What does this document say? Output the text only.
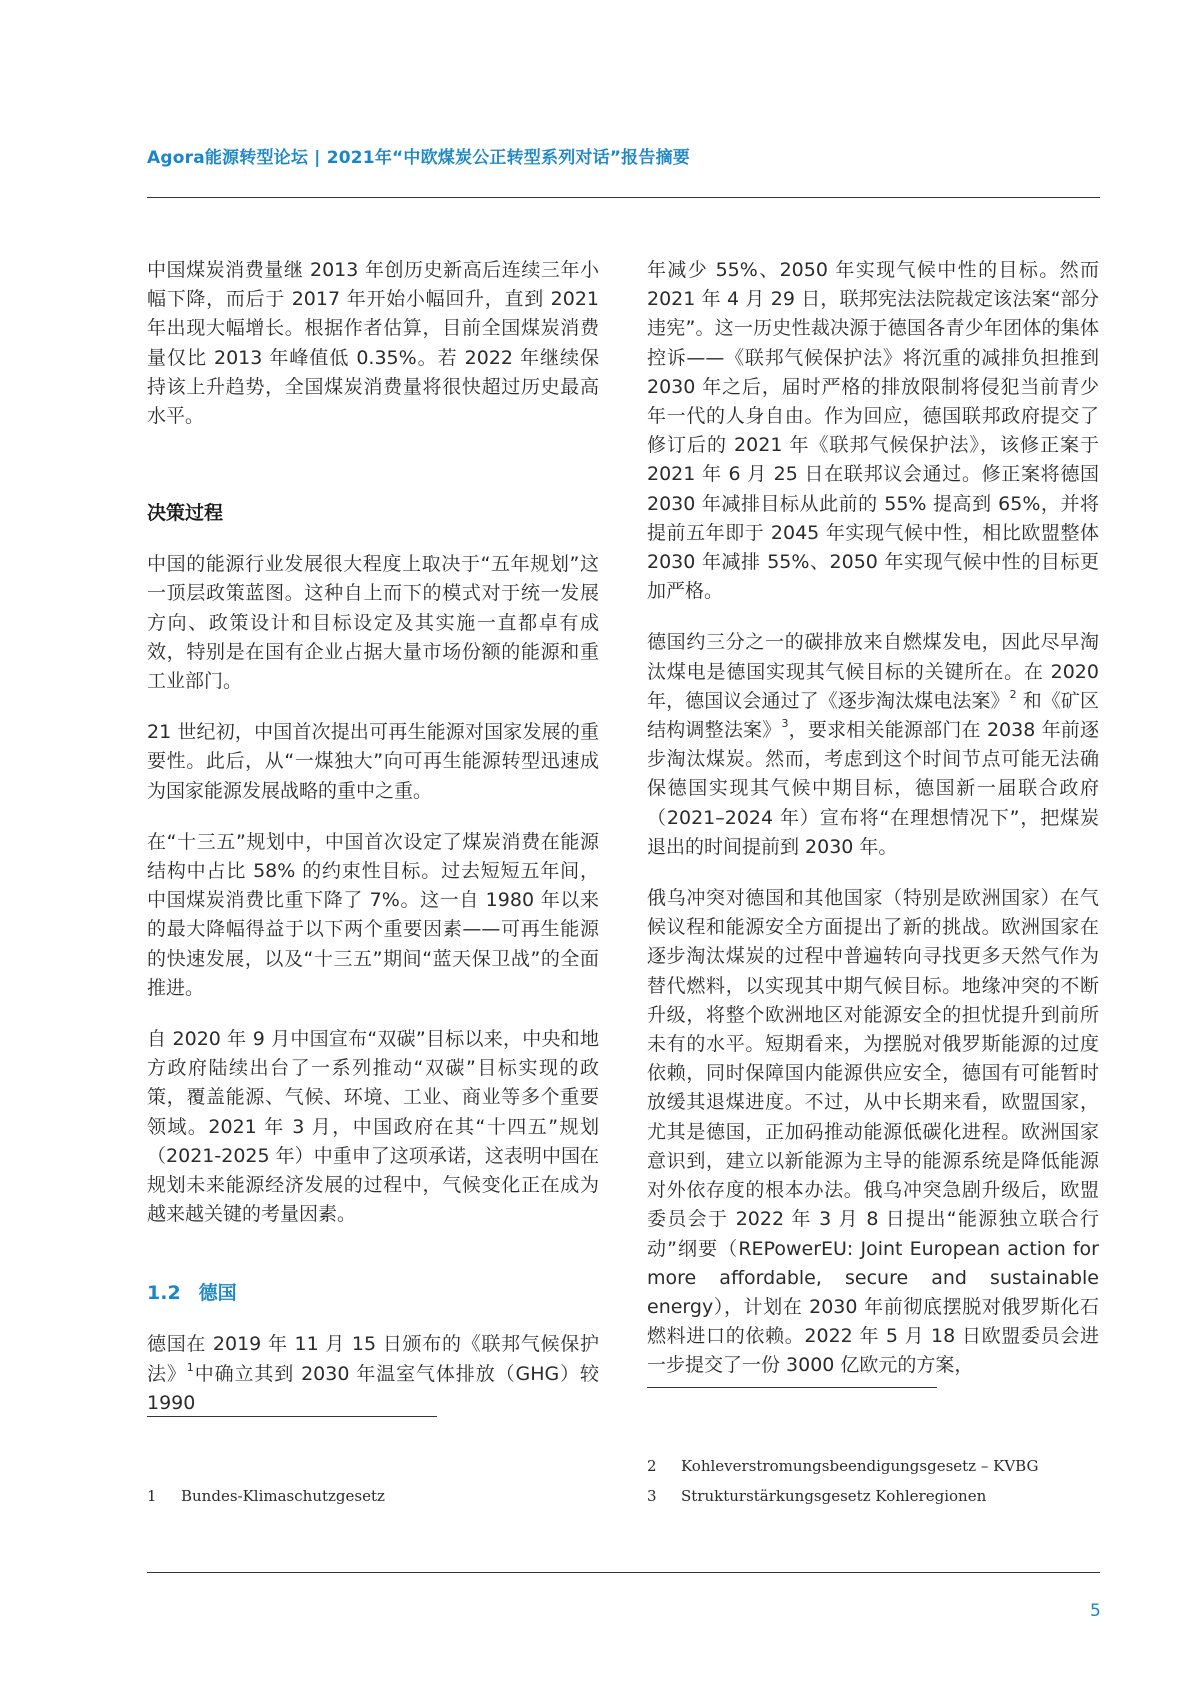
Agora能源转型论坛 | 2021年“中欧煤炭公正转型系列对话”报告摘要

中国煤炭消费量继 2013 年创历史新高后连续三年小幅下降，而后于 2017 年开始小幅回升，直到 2021 年出现大幅增长。根据作者估算，目前全国煤炭消费量仅比 2013 年峰值低 0.35%。若 2022 年继续保持该上升趋势，全国煤炭消费量将很快超过历史最高水平。

决策过程

中国的能源行业发展很大程度上取决于“五年规划”这一顶层政策蓝图。这种自上而下的模式对于统一发展方向、政策设计和目标设定及其实施一直都卓有成效，特别是在国有企业占据大量市场份额的能源和重工业部门。

21 世纪初，中国首次提出可再生能源对国家发展的重要性。此后，从“一煤独大”向可再生能源转型迅速成为国家能源发展战略的重中之重。

在“十三五”规划中，中国首次设定了煤炭消费在能源结构中占比 58% 的约束性目标。过去短短五年间，中国煤炭消费比重下降了 7%。这一自 1980 年以来的最大降幅得益于以下两个重要因素——可再生能源的快速发展，以及“十三五”期间“蓝天保卫战”的全面推进。

自 2020 年 9 月中国宣布“双碳”目标以来，中央和地方政府陆续出台了一系列推动“双碳”目标实现的政策，覆盖能源、气候、环境、工业、商业等多个重要领域。2021 年 3 月，中国政府在其“十四五”规划（2021-2025 年）中重申了这项承诺，这表明中国在规划未来能源经济发展的过程中，气候变化正在成为越来越关键的考量因素。

1.2 德国

德国在 2019 年 11 月 15 日颁布的《联邦气候保护法》$^1$中确立其到 2030 年温室气体排放（GHG）较 1990

年减少 55%、2050 年实现气候中性的目标。然而 2021 年 4 月 29 日，联邦宪法法院裁定该法案“部分违宪”。这一历史性裁决源于德国各青少年团体的集体控诉——《联邦气候保护法》将沉重的减排负担推到 2030 年之后，届时严格的排放限制将侵犯当前青少年一代的人身自由。作为回应，德国联邦政府提交了修订后的 2021 年《联邦气候保护法》，该修正案于 2021 年 6 月 25 日在联邦议会通过。修正案将德国 2030 年减排目标从此前的 55% 提高到 65%，并将提前五年即于 2045 年实现气候中性，相比欧盟整体 2030 年减排 55%、2050 年实现气候中性的目标更加严格。

德国约三分之一的碳排放来自燃煤发电，因此尽早淘汰煤电是德国实现其气候目标的关键所在。在 2020 年，德国议会通过了《逐步淘汰煤电法案》$^2$ 和《矿区结构调整法案》$^3$，要求相关能源部门在 2038 年前逐步淘汰煤炭。然而，考虑到这个时间节点可能无法确保德国实现其气候中期目标，德国新一届联合政府（2021–2024 年）宣布将“在理想情况下”，把煤炭退出的时间提前到 2030 年。

俄乌冲突对德国和其他国家（特别是欧洲国家）在气候议程和能源安全方面提出了新的挑战。欧洲国家在逐步淘汰煤炭的过程中普遍转向寻找更多天然气作为替代燃料，以实现其中期气候目标。地缘冲突的不断升级，将整个欧洲地区对能源安全的担忧提升到前所未有的水平。短期看来，为摆脱对俄罗斯能源的过度依赖，同时保障国内能源供应安全，德国有可能暂时放缓其退煤进度。不过，从中长期来看，欧盟国家，尤其是德国，正加码推动能源低碳化进程。欧洲国家意识到，建立以新能源为主导的能源系统是降低能源对外依存度的根本办法。俄乌冲突急剧升级后，欧盟委员会于 2022 年 3 月 8 日提出“能源独立联合行动”纲要（REPowerEU: Joint European action for more affordable, secure and sustainable energy），计划在 2030 年前彻底摆脱对俄罗斯化石燃料进口的依赖。2022 年 5 月 18 日欧盟委员会进一步提交了一份 3000 亿欧元的方案，

1 Bundes-Klimaschutzgesetz
2 Kohleverstromungsbeendigungsgesetz – KVBG
3 Strukturstärkungsgesetz Kohleregionen
5
